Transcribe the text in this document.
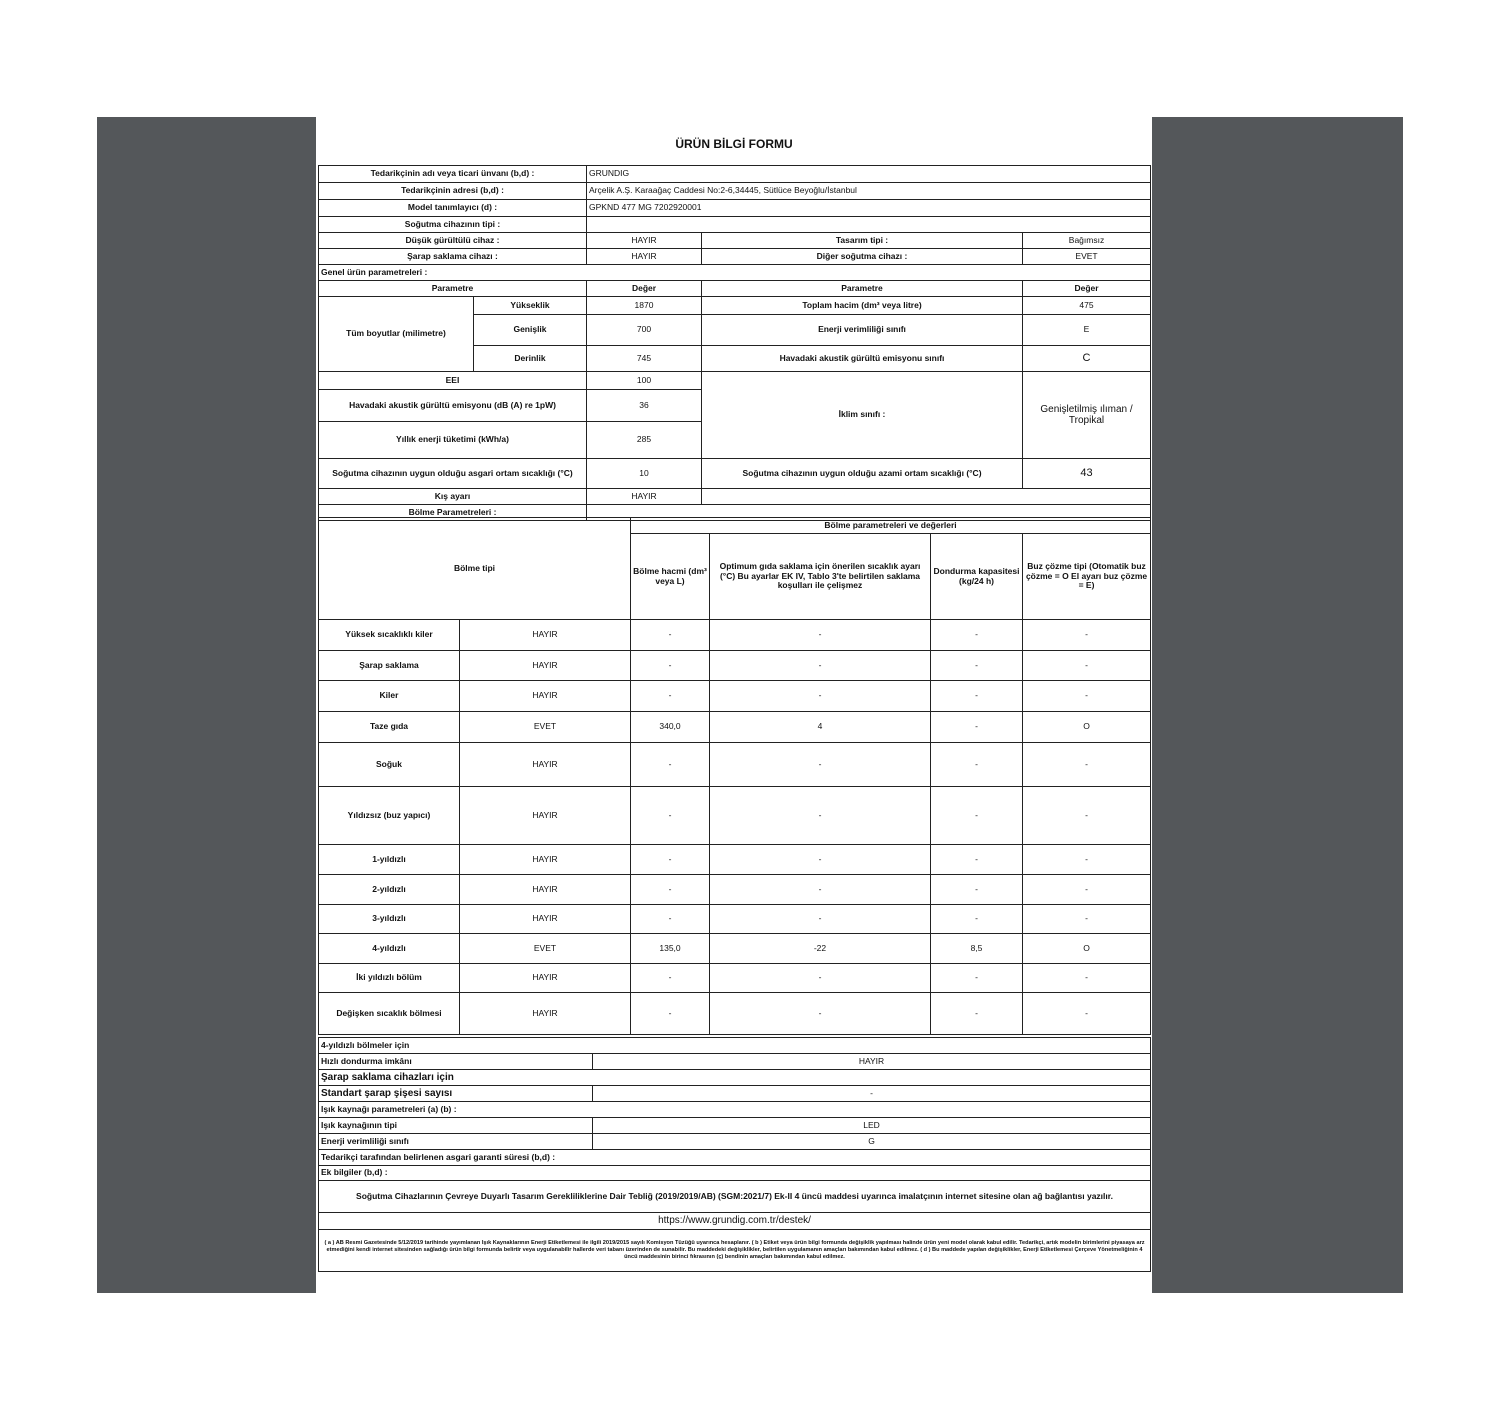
ÜRÜN BİLGİ FORMU
Tedarikçinin adı veya ticari ünvanı (b,d) :		GRUNDIG		
Tedarikçinin adresi (b,d) :		Arçelik A.Ş. Karaağaç Caddesi No:2-6,34445, Sütlüce Beyoğlu/İstanbul		
Model tanımlayıcı (d) :		GPKND 477 MG 7202920001		
Soğutma cihazının tipi :				
Düşük gürültülü cihaz :		HAYIR	Tasarım tipi :	Bağımsız
Şarap saklama cihazı :		HAYIR	Diğer soğutma cihazı :	EVET
Genel ürün parametreleri :				
Parametre		Değer	Parametre	Değer
Tüm boyutlar (milimetre)	Yükseklik	1870	Toplam hacim (dm³ veya litre)	475
	Genişlik	700	Enerji verimliliği sınıfı	E
	Derinlik	745	Havadaki akustik gürültü emisyonu sınıfı	C
EEI		100	İklim sınıfı :	Genişletilmiş ılıman / Tropikal
Havadaki akustik gürültü emisyonu (dB (A) re 1pW)		36		
Yıllık enerji tüketimi (kWh/a)		285		
Soğutma cihazının uygun olduğu asgari ortam sıcaklığı (°C)		10	Soğutma cihazının uygun olduğu azami ortam sıcaklığı (°C)	43
Kış ayarı		HAYIR		
Bölme Parametreleri :				
Bölme tipi		Bölme parametreleri ve değerleri			
		Bölme hacmi (dm³ veya L)	Optimum gıda saklama için önerilen sıcaklık ayarı (°C) Bu ayarlar EK IV, Tablo 3'te belirtilen saklama koşulları ile çelişmez	Dondurma kapasitesi (kg/24 h)	Buz çözme tipi (Otomatik buz çözme = O El ayarı buz çözme = E)
Yüksek sıcaklıklı kiler	HAYIR	-	-	-	-
Şarap saklama	HAYIR	-	-	-	-
Kiler	HAYIR	-	-	-	-
Taze gıda	EVET	340,0	4	-	O
Soğuk	HAYIR	-	-	-	-
Yıldızsız (buz yapıcı)	HAYIR	-	-	-	-
1-yıldızlı	HAYIR	-	-	-	-
2-yıldızlı	HAYIR	-	-	-	-
3-yıldızlı	HAYIR	-	-	-	-
4-yıldızlı	EVET	135,0	-22	8,5	O
İki yıldızlı bölüm	HAYIR	-	-	-	-
Değişken sıcaklık bölmesi	HAYIR	-	-	-	-
4-yıldızlı bölmeler için	
Hızlı dondurma imkânı	HAYIR
Şarap saklama cihazları için	
Standart şarap şişesi sayısı	-
Işık kaynağı parametreleri (a) (b) :	
Işık kaynağının tipi	LED
Enerji verimliliği sınıfı	G
Tedarikçi tarafından belirlenen asgari garanti süresi (b,d) :	
Ek bilgiler (b,d) :	
Soğutma Cihazlarının Çevreye Duyarlı Tasarım Gerekliliklerine Dair Tebliğ (2019/2019/AB) (SGM:2021/7) Ek-II 4 üncü maddesi uyarınca imalatçının internet sitesine olan ağ bağlantısı yazılır.	
https://www.grundig.com.tr/destek/	
( a ) AB Resmi Gazetesinde 5/12/2019 tarihinde yayımlanan Işık Kaynaklarının Enerji Etiketlemesi ile ilgili 2019/2015 sayılı Komisyon Tüzüğü uyarınca hesaplanır. ( b ) Etiket veya ürün bilgi formunda değişiklik yapılması halinde ürün yeni model olarak kabul edilir. Tedarikçi, artık modelin birimlerini piyasaya arz etmediğini kendi internet sitesinden sağladığı ürün bilgi formunda belirtir veya uygulanabilir hallerde veri tabanı üzerinden de sunabilir. Bu maddedeki değişiklikler, belirtilen uygulamanın amaçları bakımından kabul edilmez. ( d ) Bu maddede yapılan değişiklikler, Enerji Etiketlemesi Çerçeve Yönetmeliğinin 4 üncü maddesinin birinci fıkrasının (ç) bendinin amaçları bakımından kabul edilmez.	
